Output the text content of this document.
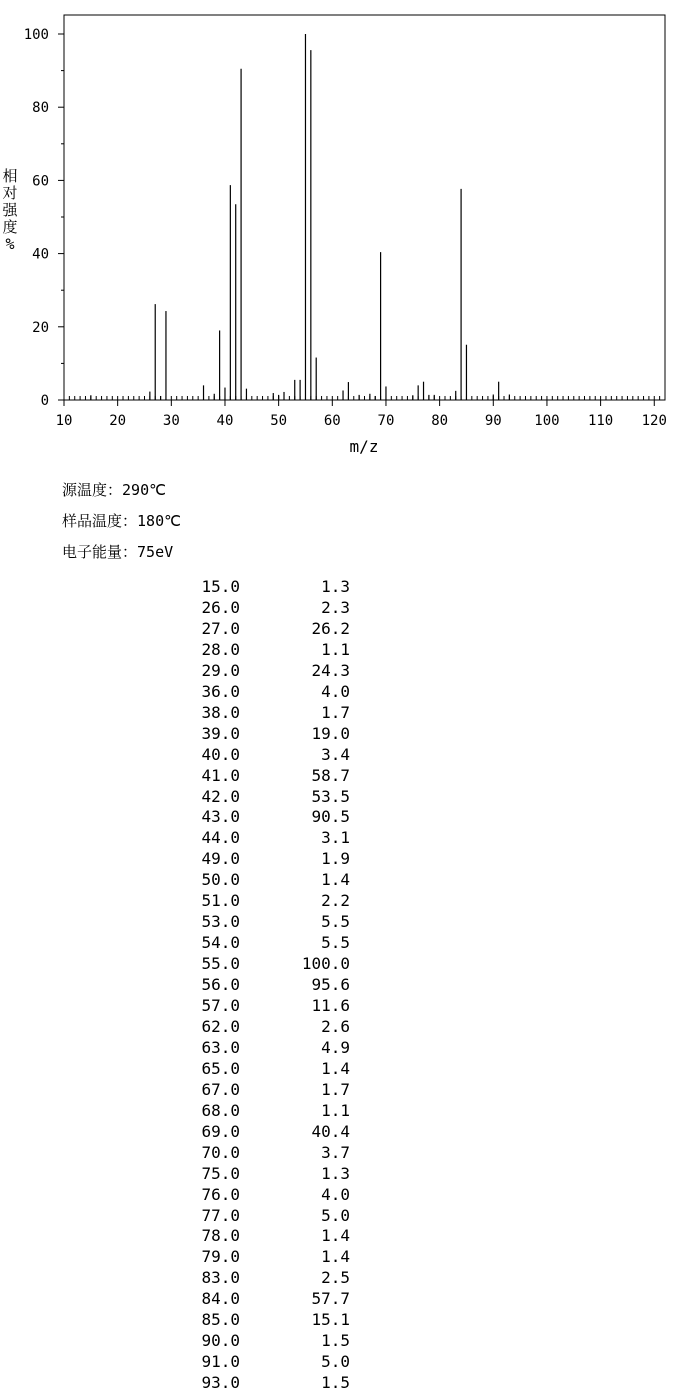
10	20	30	40	50	60	70	80	90 100 110 120
0
20
40
60
80
100
m/z
相
对
强
度
%
源温度：290℃
样品温度：180℃
电子能量：75eV
15.0	1.3
26.0	2.3
27.0	26.2
28.0	1.1
29.0	24.3
36.0	4.0
38.0	1.7
39.0	19.0
40.0	3.4
41.0	58.7
42.0	53.5
43.0	90.5
44.0	3.1
49.0	1.9
50.0	1.4
51.0	2.2
53.0	5.5
54.0	5.5
55.0	100.0
56.0	95.6
57.0	11.6
62.0	2.6
63.0	4.9
65.0	1.4
67.0	1.7
68.0	1.1
69.0	40.4
70.0	3.7
75.0	1.3
76.0	4.0
77.0	5.0
78.0	1.4
79.0	1.4
83.0	2.5
84.0	57.7
85.0	15.1
90.0	1.5
91.0	5.0
93.0	1.5
